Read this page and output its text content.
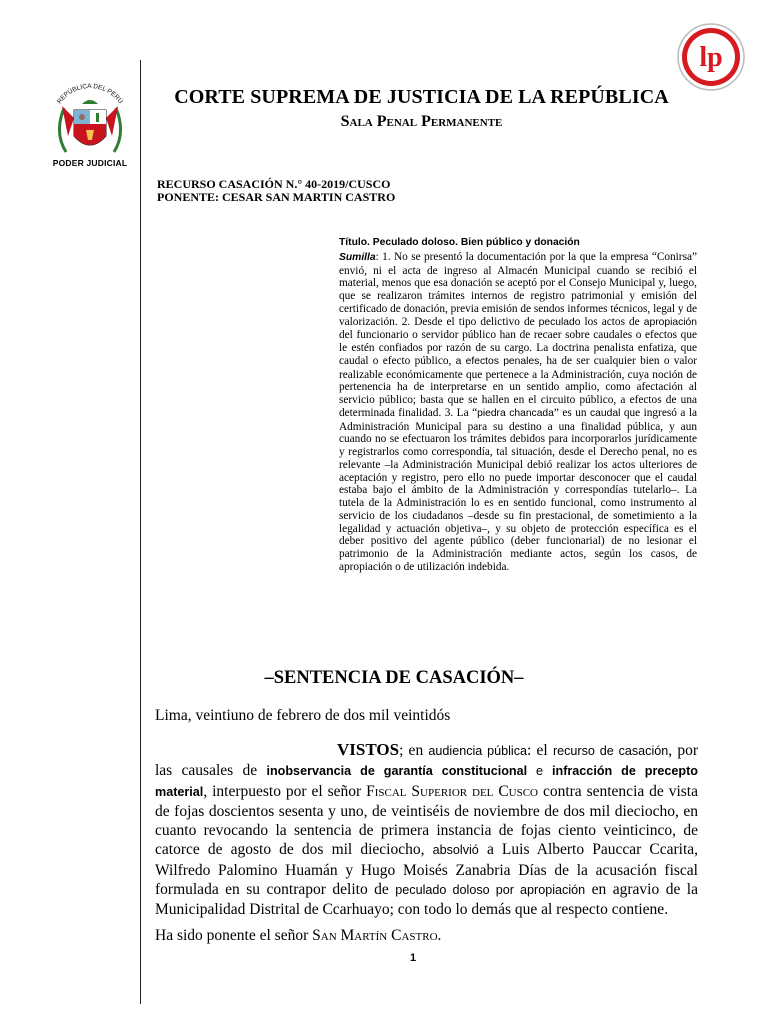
REPÚBLICA DEL PERÚ
PODER JUDICIAL
lp
CORTE SUPREMA DE JUSTICIA DE LA REPÚBLICA
Sala Penal Permanente
RECURSO CASACIÓN N.° 40-2019/CUSCO
PONENTE: CESAR SAN MARTIN CASTRO
Título. Peculado doloso. Bien público y donación
Sumilla: 1. No se presentó la documentación por la que la empresa “Conirsa” envió, ni el acta de ingreso al Almacén Municipal cuando se recibió el material, menos que esa donación se aceptó por el Consejo Municipal y, luego, que se realizaron trámites internos de registro patrimonial y emisión del certificado de donación, previa emisión de sendos informes técnicos, legal y de valorización. 2. Desde el tipo delictivo de peculado los actos de apropiación del funcionario o servidor público han de recaer sobre caudales o efectos que le estén confiados por razón de su cargo. La doctrina penalista enfatiza, que caudal o efecto público, a efectos penales, ha de ser cualquier bien o valor realizable económicamente que pertenece a la Administración, cuya noción de pertenencia ha de interpretarse en un sentido amplio, como afectación al servicio público; basta que se hallen en el circuito público, a efectos de una determinada finalidad. 3. La “piedra chancada” es un caudal que ingresó a la Administración Municipal para su destino a una finalidad pública, y aun cuando no se efectuaron los trámites debidos para incorporarlos jurídicamente y registrarlos como correspondía, tal situación, desde el Derecho penal, no es relevante –la Administración Municipal debió realizar los actos ulteriores de aceptación y registro, pero ello no puede importar desconocer que el caudal estaba bajo el ámbito de la Administración y correspondías tutelarlo–. La tutela de la Administración lo es en sentido funcional, como instrumento al servicio de los ciudadanos –desde su fin prestacional, de sometimiento a la legalidad y actuación objetiva–, y su objeto de protección específica es el deber positivo del agente público (deber funcionarial) de no lesionar el patrimonio de la Administración mediante actos, según los casos, de apropiación o de utilización indebida.
–SENTENCIA DE CASACIÓN–
Lima, veintiuno de febrero de dos mil veintidós
VISTOS; en audiencia pública: el recurso de casación, por las causales de inobservancia de garantía constitucional e infracción de precepto material, interpuesto por el señor Fiscal Superior del Cusco contra sentencia de vista de fojas doscientos sesenta y uno, de veintiséis de noviembre de dos mil dieciocho, en cuanto revocando la sentencia de primera instancia de fojas ciento veinticinco, de catorce de agosto de dos mil dieciocho, absolvió a Luis Alberto Pauccar Ccarita, Wilfredo Palomino Huamán y Hugo Moisés Zanabria Días de la acusación fiscal formulada en su contrapor delito de peculado doloso por apropiación en agravio de la Municipalidad Distrital de Ccarhuayo; con todo lo demás que al respecto contiene.
Ha sido ponente el señor San Martín Castro.
1
